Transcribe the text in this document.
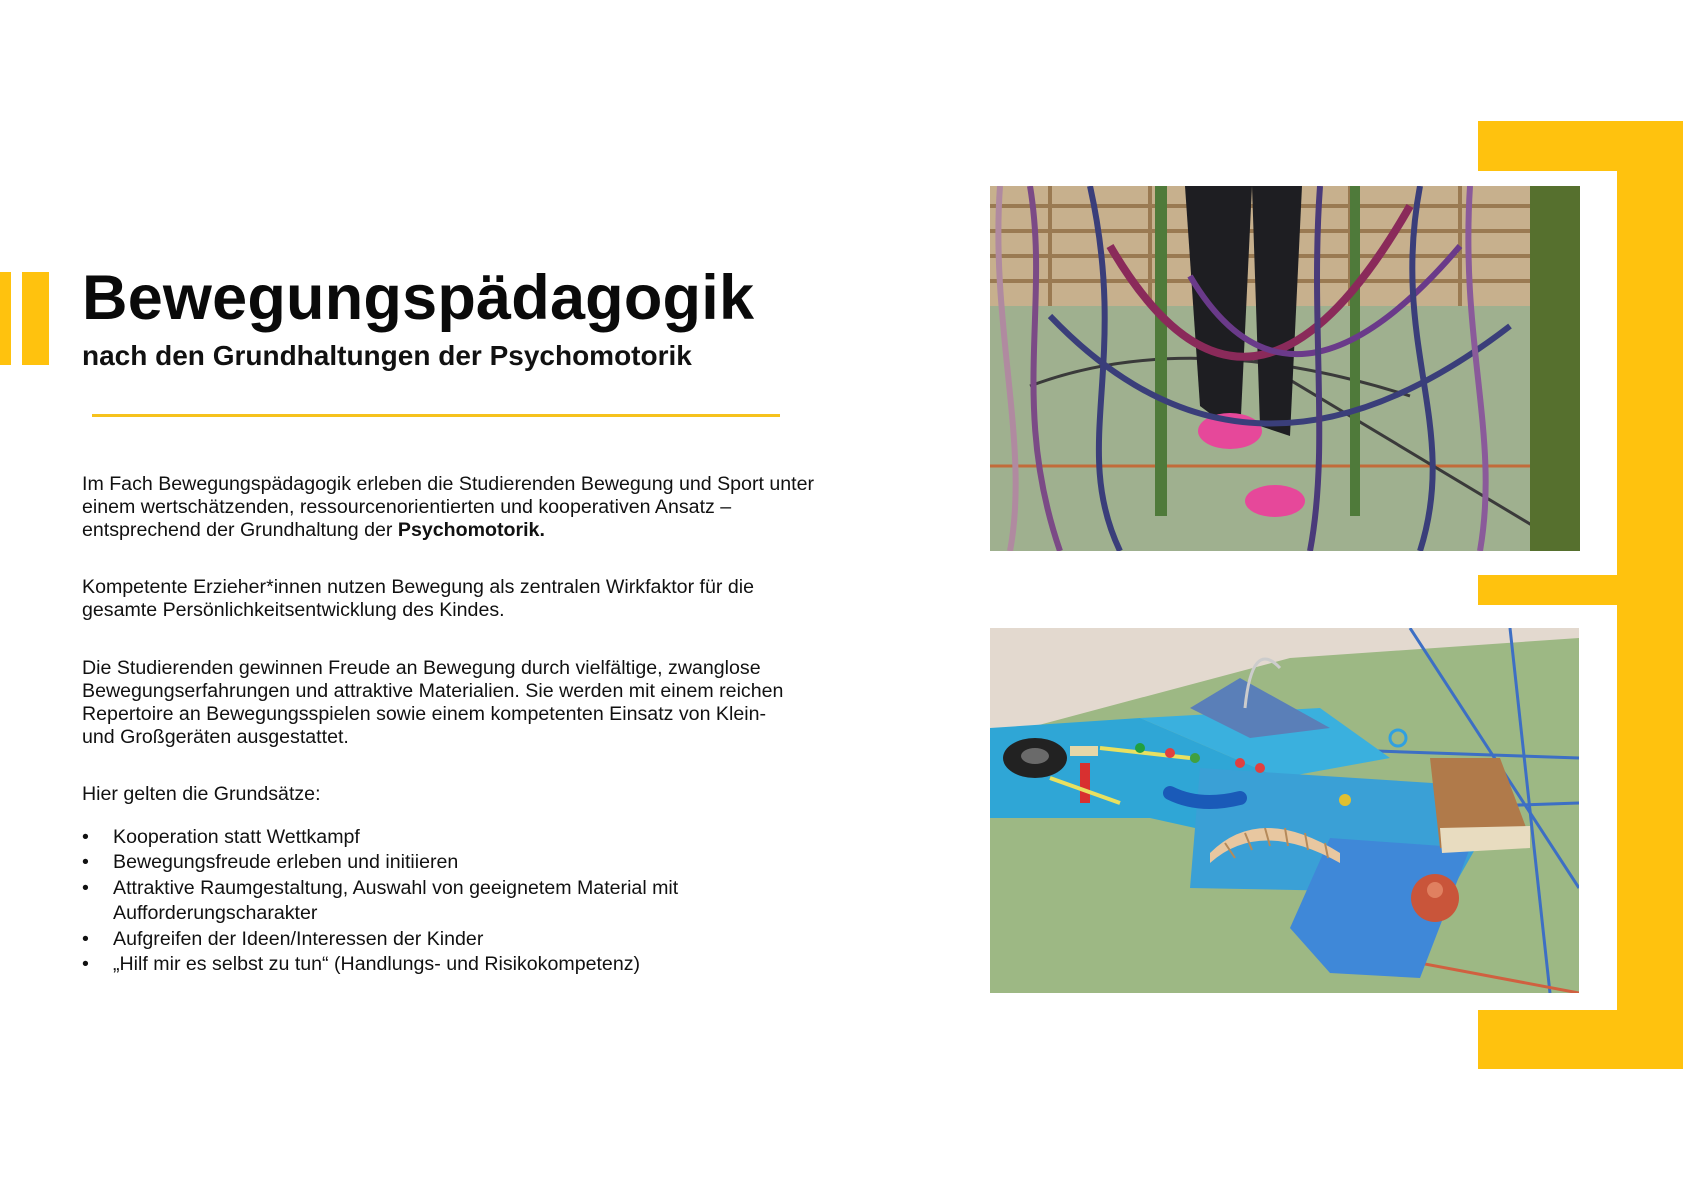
Bewegungspädagogik
nach den Grundhaltungen der Psychomotorik

Im Fach Bewegungspädagogik erleben die Studierenden Bewegung und Sport unter einem wertschätzenden, ressourcenorientierten und kooperativen Ansatz – entsprechend der Grundhaltung der Psychomotorik.

Kompetente Erzieher*innen nutzen Bewegung als zentralen Wirkfaktor für die gesamte Persönlichkeitsentwicklung des Kindes.

Die Studierenden gewinnen Freude an Bewegung durch vielfältige, zwanglose Bewegungserfahrungen und attraktive Materialien. Sie werden mit einem reichen Repertoire an Bewegungsspielen sowie einem kompetenten Einsatz von Klein- und Großgeräten ausgestattet.

Hier gelten die Grundsätze:

• Kooperation statt Wettkampf
• Bewegungsfreude erleben und initiieren
• Attraktive Raumgestaltung, Auswahl von geeignetem Material mit Aufforderungscharakter
• Aufgreifen der Ideen/Interessen der Kinder
• „Hilf mir es selbst zu tun“ (Handlungs- und Risikokompetenz)
